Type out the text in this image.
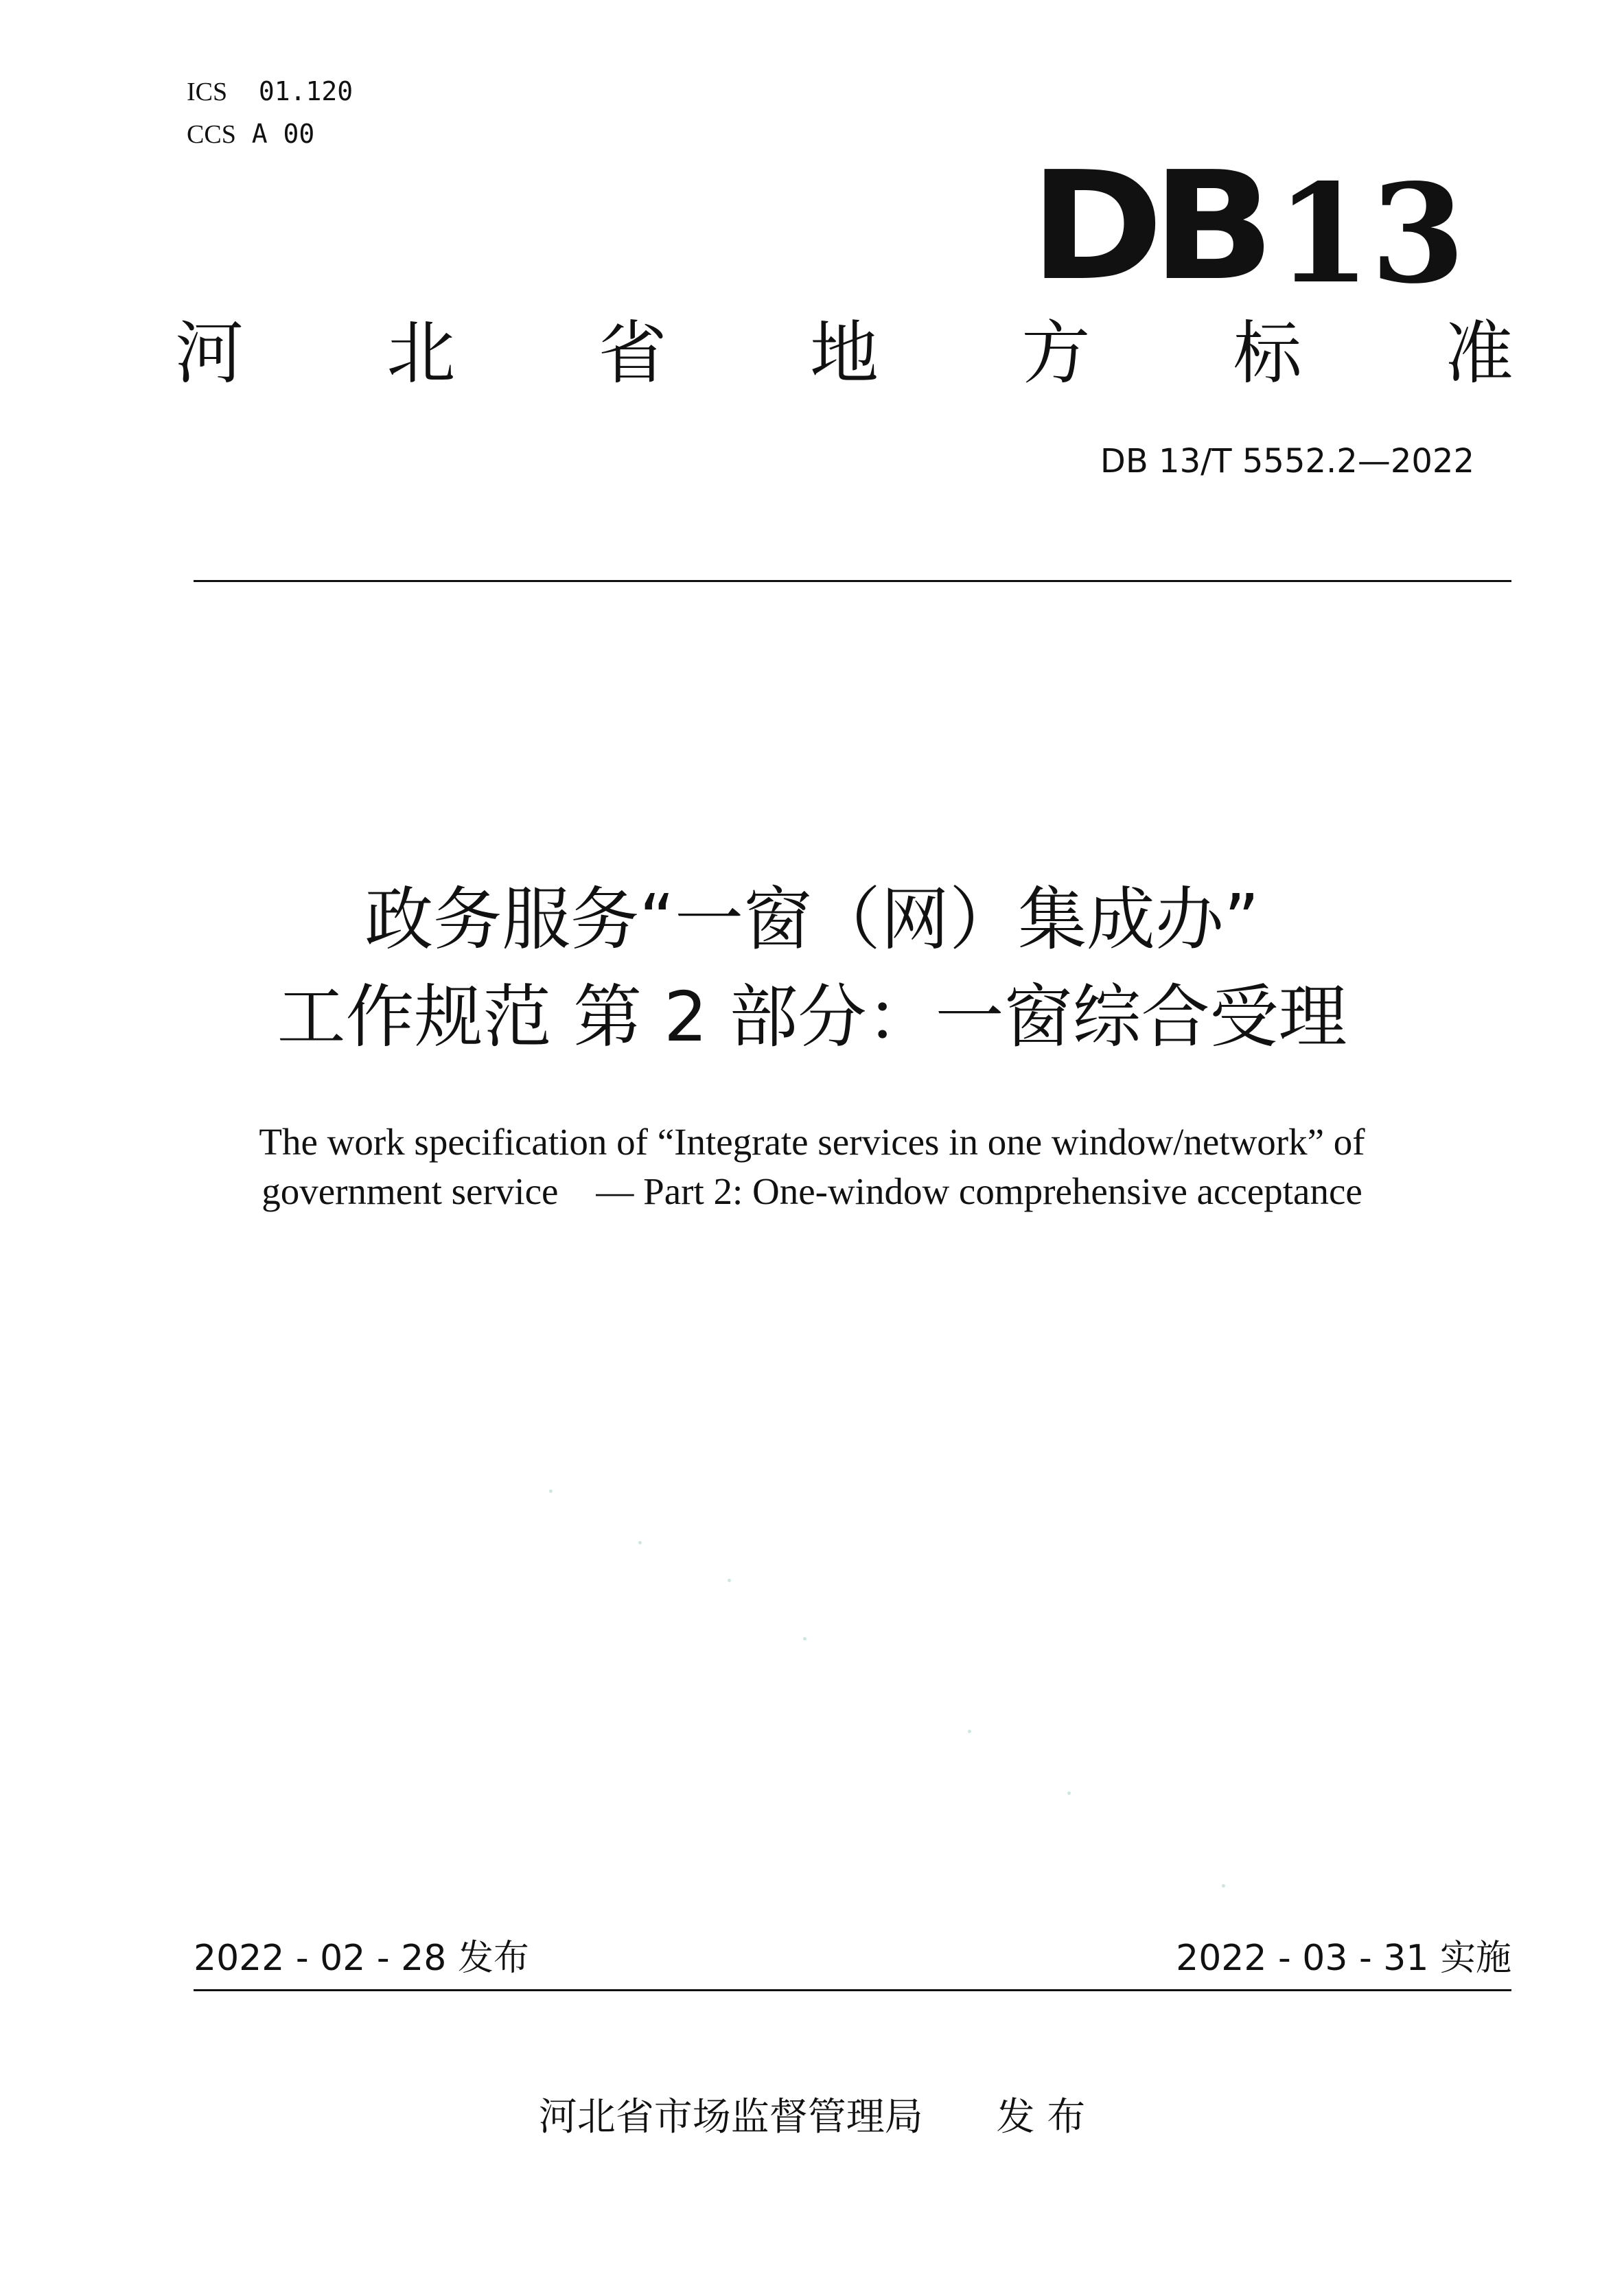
ICS 01.120
CCS A 00
DB 13
河 北 省 地 方 标 准
DB 13/T 5552.2—2022
政务服务“一窗（网）集成办”
工作规范 第 2 部分：一窗综合受理
The work specification of “Integrate services in one window/network” of
government service    — Part 2: One-window comprehensive acceptance
2022 - 02 - 28 发布	2022 - 03 - 31 实施
河北省市场监督管理局 发 布
